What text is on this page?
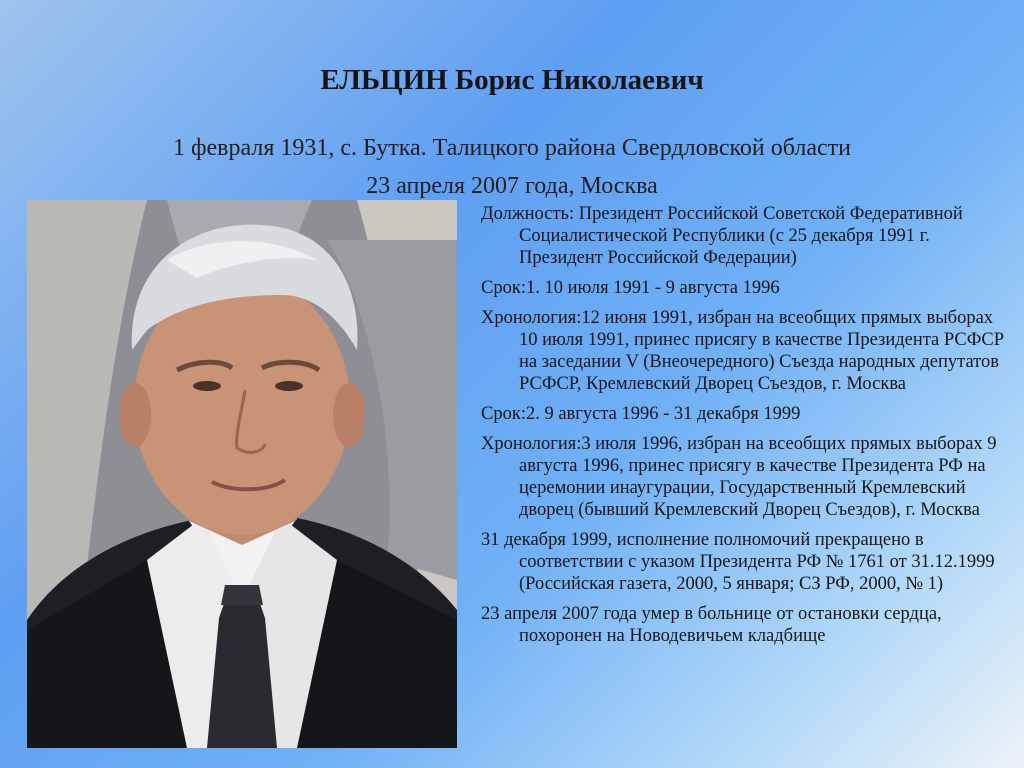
ЕЛЬЦИН Борис Николаевич
1 февраля 1931, с. Бутка. Талицкого района Свердловской области
23 апреля 2007 года, Москва

Должность: Президент Российской Советской Федеративной Социалистической Республики (с 25 декабря 1991 г. Президент Российской Федерации)

Срок:1. 10 июля 1991 - 9 августа 1996

Хронология:12 июня 1991, избран на всеобщих прямых выборах 10 июля 1991, принес присягу в качестве Президента РСФСР на заседании V (Внеочередного) Съезда народных депутатов РСФСР, Кремлевский Дворец Съездов, г. Москва

Срок:2. 9 августа 1996 - 31 декабря 1999

Хронология:3 июля 1996, избран на всеобщих прямых выборах 9 августа 1996, принес присягу в качестве Президента РФ на церемонии инаугурации, Государственный Кремлевский дворец (бывший Кремлевский Дворец Съездов), г. Москва

31 декабря 1999, исполнение полномочий прекращено в соответствии с указом Президента РФ № 1761 от 31.12.1999 (Российская газета, 2000, 5 января; СЗ РФ, 2000, № 1)

23 апреля 2007 года умер в больнице от остановки сердца, похоронен на Новодевичьем кладбище
